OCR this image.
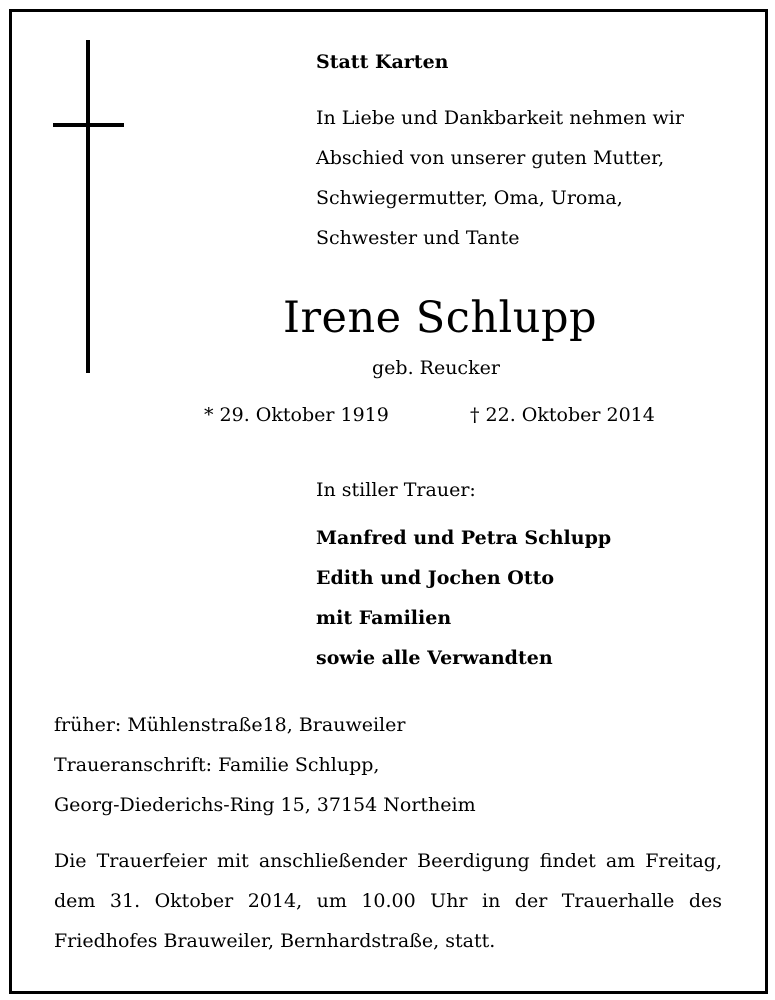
Statt Karten

In Liebe und Dankbarkeit nehmen wir

Abschied von unserer guten Mutter,

Schwiegermutter, Oma, Uroma,

Schwester und Tante

Irene Schlupp

geb. Reucker

* 29. Oktober 1919	† 22. Oktober 2014

In stiller Trauer:

Manfred und Petra Schlupp

Edith und Jochen Otto

mit Familien

sowie alle Verwandten

früher: Mühlenstraße18, Brauweiler

Traueranschrift: Familie Schlupp,

Georg-Diederichs-Ring 15, 37154 Northeim

Die Trauerfeier mit anschließender Beerdigung findet am Freitag,

dem 31. Oktober 2014, um 10.00 Uhr in der Trauerhalle des

Friedhofes Brauweiler, Bernhardstraße, statt.
